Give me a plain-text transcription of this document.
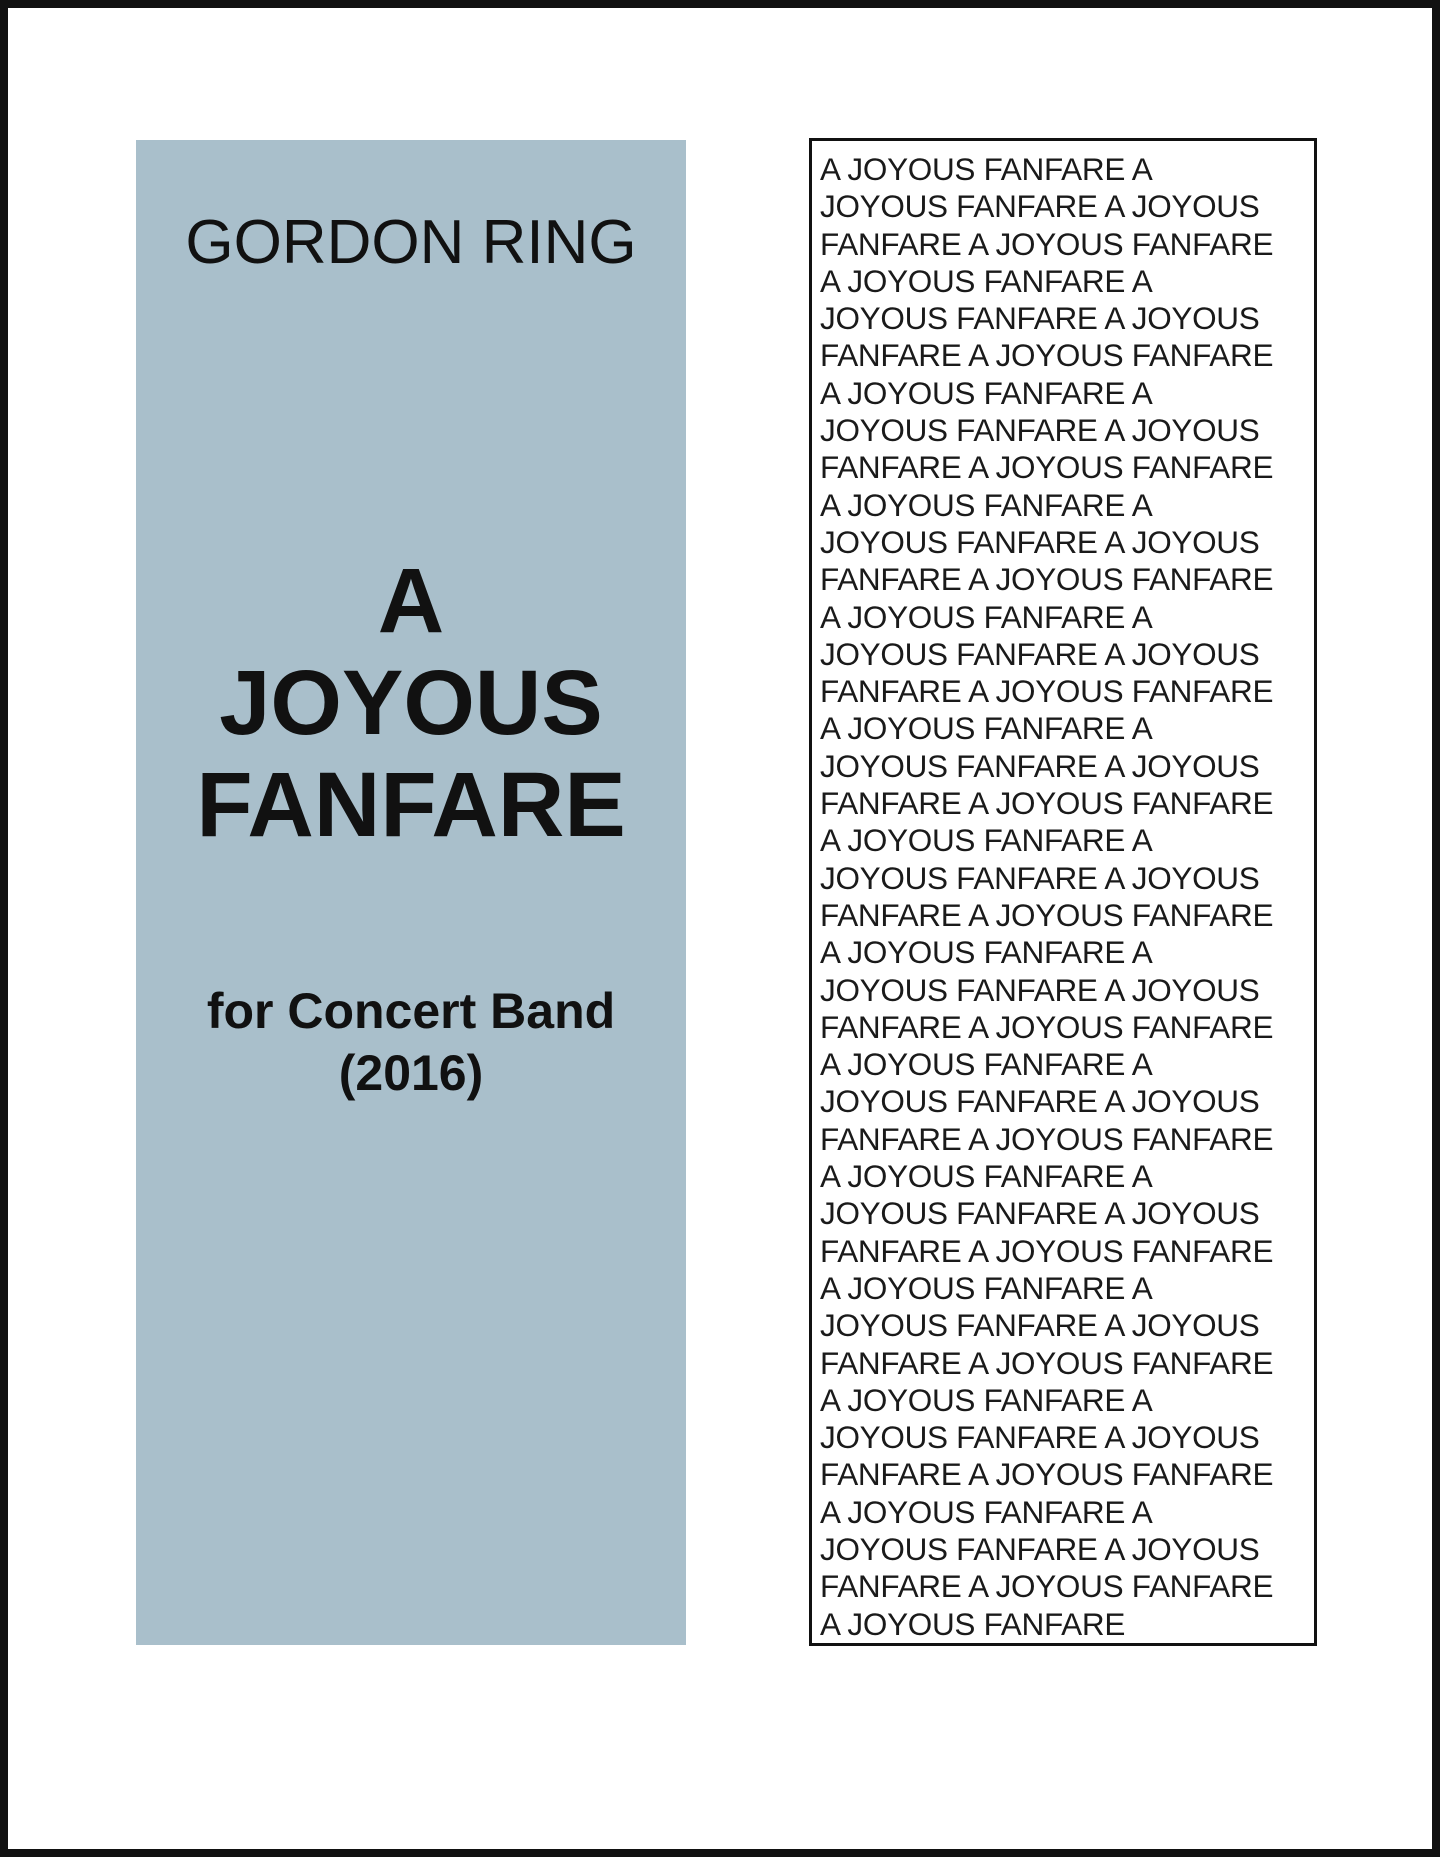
GORDON RING
A
JOYOUS
FANFARE
for Concert Band
(2016)
A JOYOUS FANFARE A
JOYOUS FANFARE A JOYOUS
FANFARE A JOYOUS FANFARE
A JOYOUS FANFARE A
JOYOUS FANFARE A JOYOUS
FANFARE A JOYOUS FANFARE
A JOYOUS FANFARE A
JOYOUS FANFARE A JOYOUS
FANFARE A JOYOUS FANFARE
A JOYOUS FANFARE A
JOYOUS FANFARE A JOYOUS
FANFARE A JOYOUS FANFARE
A JOYOUS FANFARE A
JOYOUS FANFARE A JOYOUS
FANFARE A JOYOUS FANFARE
A JOYOUS FANFARE A
JOYOUS FANFARE A JOYOUS
FANFARE A JOYOUS FANFARE
A JOYOUS FANFARE A
JOYOUS FANFARE A JOYOUS
FANFARE A JOYOUS FANFARE
A JOYOUS FANFARE A
JOYOUS FANFARE A JOYOUS
FANFARE A JOYOUS FANFARE
A JOYOUS FANFARE A
JOYOUS FANFARE A JOYOUS
FANFARE A JOYOUS FANFARE
A JOYOUS FANFARE A
JOYOUS FANFARE A JOYOUS
FANFARE A JOYOUS FANFARE
A JOYOUS FANFARE A
JOYOUS FANFARE A JOYOUS
FANFARE A JOYOUS FANFARE
A JOYOUS FANFARE A
JOYOUS FANFARE A JOYOUS
FANFARE A JOYOUS FANFARE
A JOYOUS FANFARE A
JOYOUS FANFARE A JOYOUS
FANFARE A JOYOUS FANFARE
A JOYOUS FANFARE
